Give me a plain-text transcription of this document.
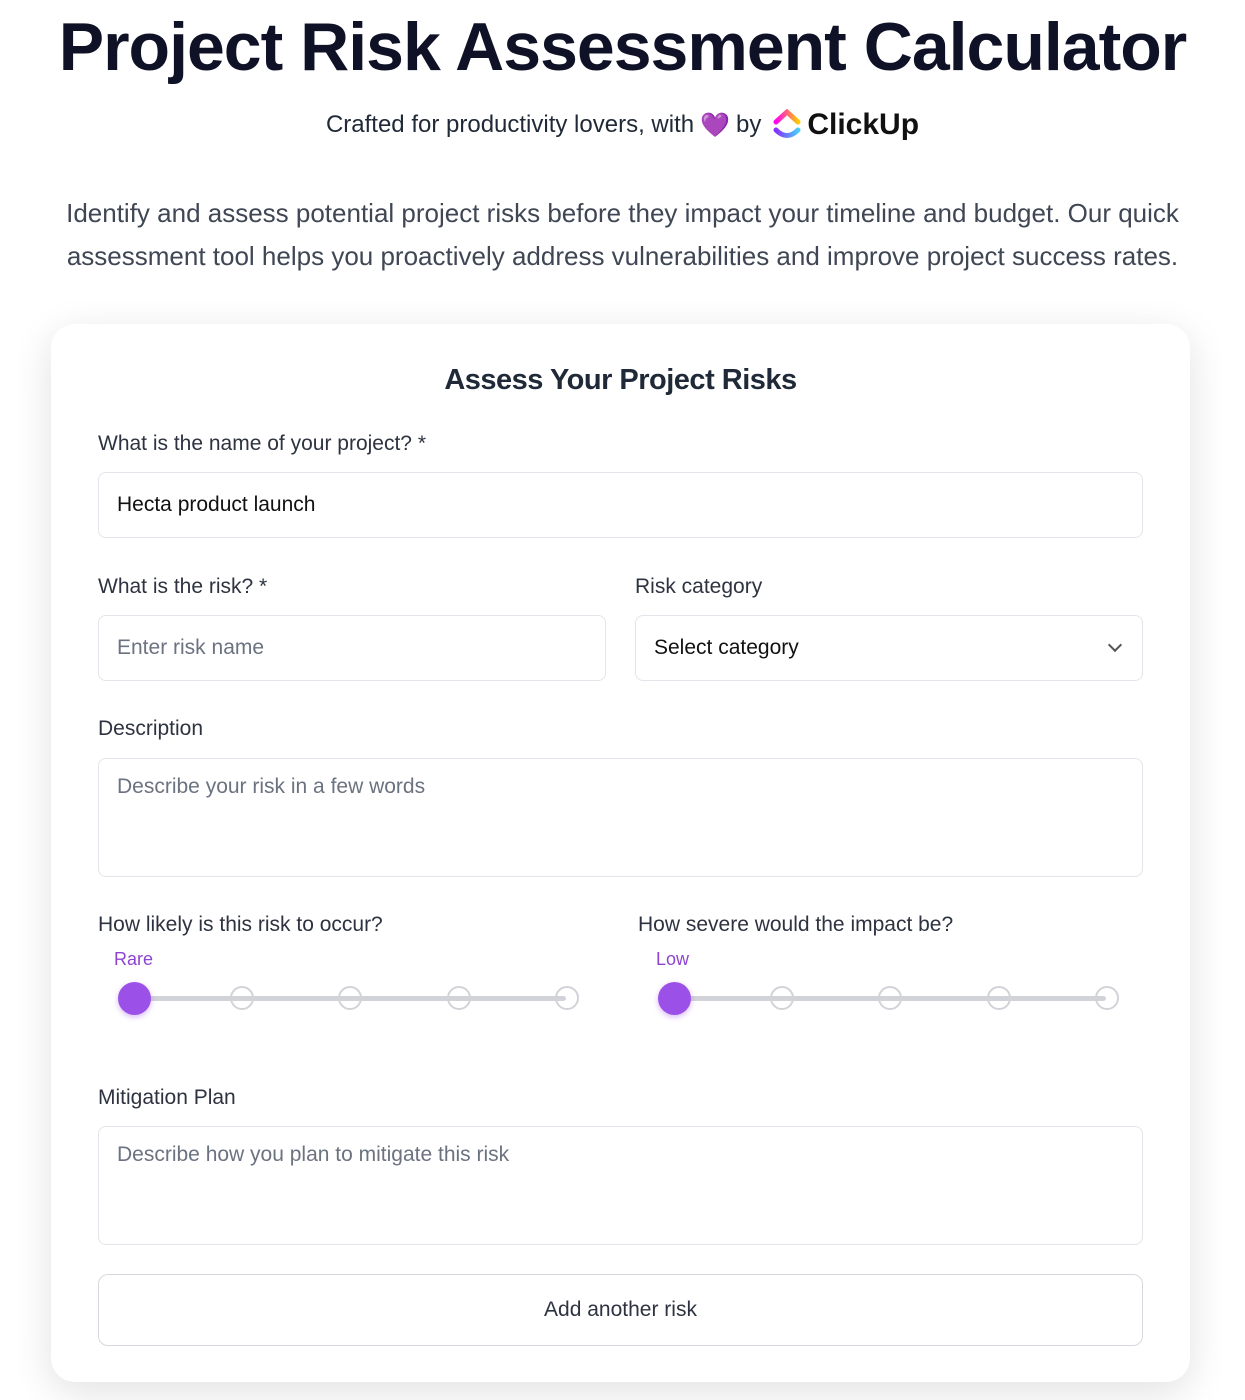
Project Risk Assessment Calculator
Crafted for productivity lovers, with 💜 by ClickUp
Identify and assess potential project risks before they impact your timeline and budget. Our quick assessment tool helps you proactively address vulnerabilities and improve project success rates.
Assess Your Project Risks
What is the name of your project? *
Hecta product launch
What is the risk? *
Enter risk name
Risk category
Select category
Description
Describe your risk in a few words
How likely is this risk to occur?
Rare
How severe would the impact be?
Low
Mitigation Plan
Describe how you plan to mitigate this risk
Add another risk
